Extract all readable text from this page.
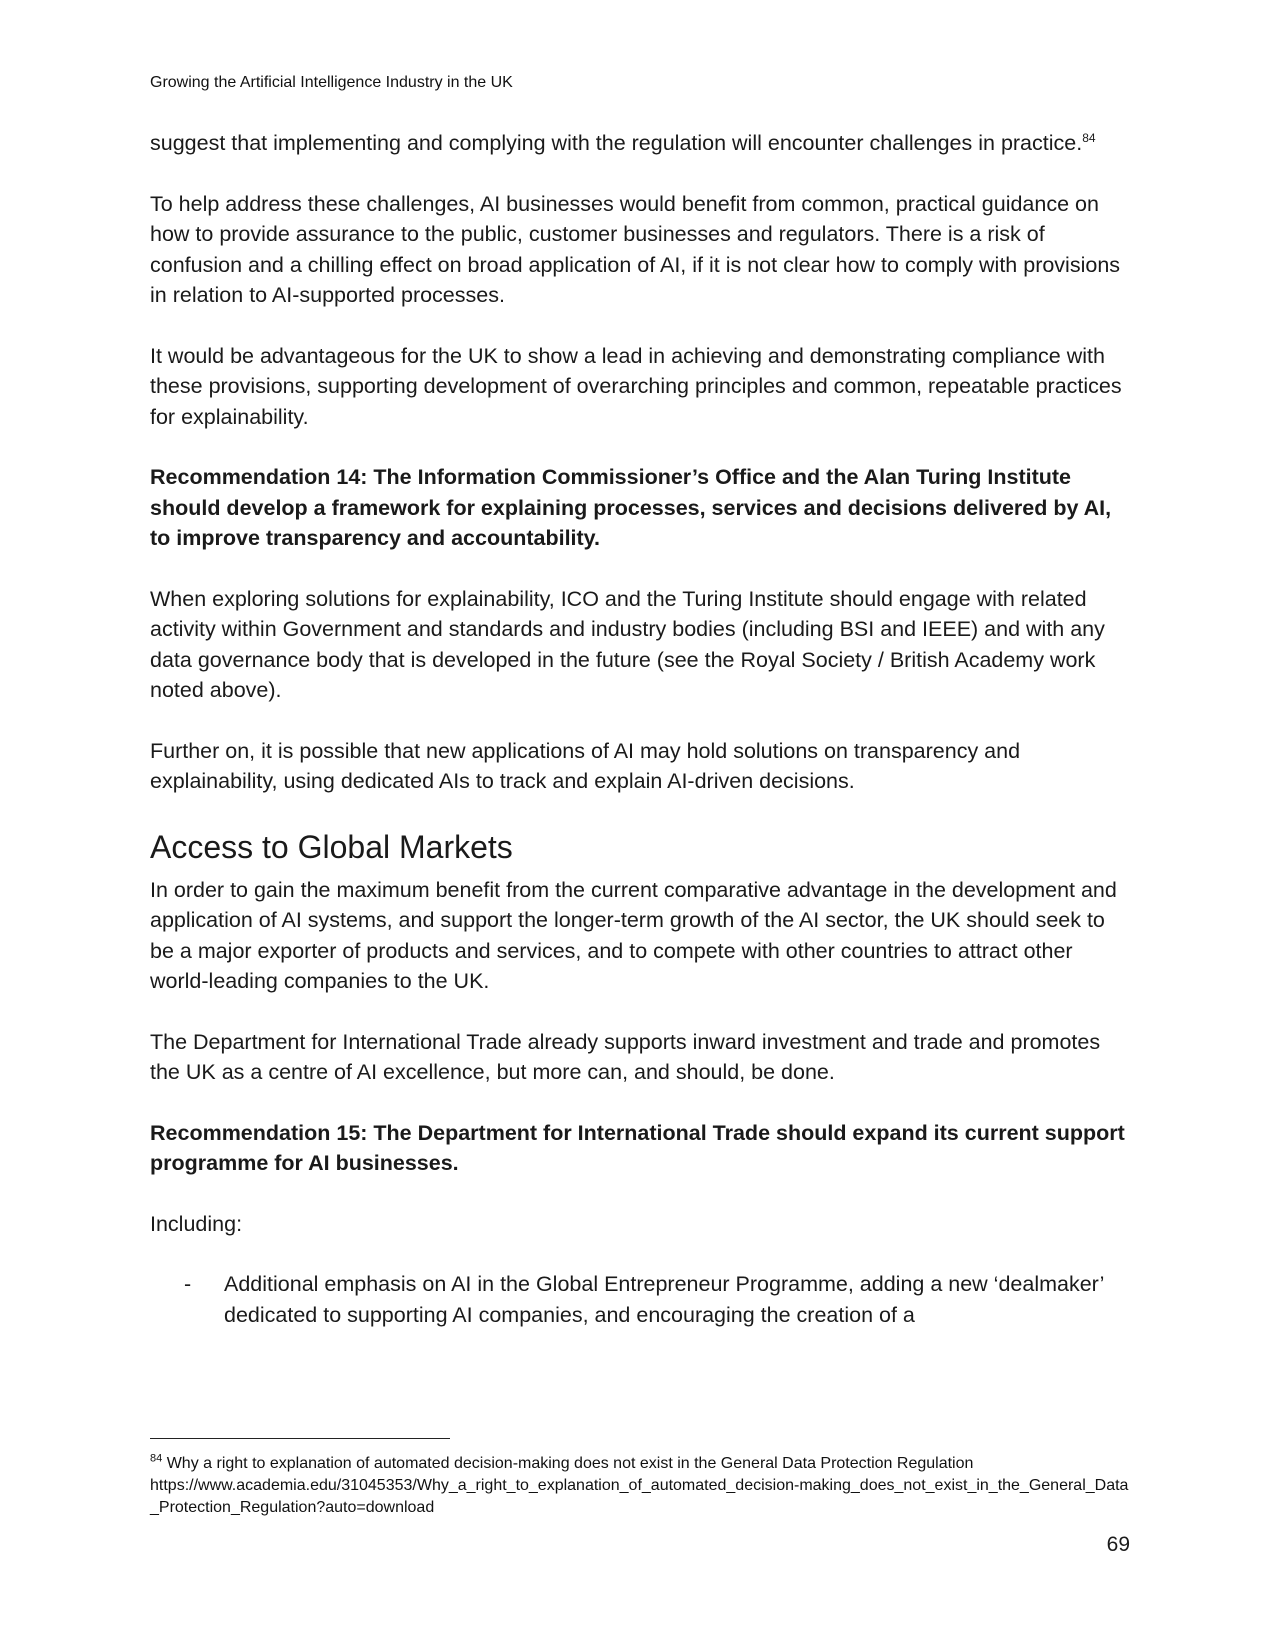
Growing the Artificial Intelligence Industry in the UK

suggest that implementing and complying with the regulation will encounter challenges in practice.$^{84}$

To help address these challenges, AI businesses would benefit from common, practical guidance on how to provide assurance to the public, customer businesses and regulators. There is a risk of confusion and a chilling effect on broad application of AI, if it is not clear how to comply with provisions in relation to AI-supported processes.

It would be advantageous for the UK to show a lead in achieving and demonstrating compliance with these provisions, supporting development of overarching principles and common, repeatable practices for explainability.

Recommendation 14: The Information Commissioner’s Office and the Alan Turing Institute should develop a framework for explaining processes, services and decisions delivered by AI, to improve transparency and accountability.

When exploring solutions for explainability, ICO and the Turing Institute should engage with related activity within Government and standards and industry bodies (including BSI and IEEE) and with any data governance body that is developed in the future (see the Royal Society / British Academy work noted above).

Further on, it is possible that new applications of AI may hold solutions on transparency and explainability, using dedicated AIs to track and explain AI-driven decisions.

Access to Global Markets

In order to gain the maximum benefit from the current comparative advantage in the development and application of AI systems, and support the longer-term growth of the AI sector, the UK should seek to be a major exporter of products and services, and to compete with other countries to attract other world-leading companies to the UK.

The Department for International Trade already supports inward investment and trade and promotes the UK as a centre of AI excellence, but more can, and should, be done.

Recommendation 15: The Department for International Trade should expand its current support programme for AI businesses.

Including:

-	Additional emphasis on AI in the Global Entrepreneur Programme, adding a new ‘dealmaker’ dedicated to supporting AI companies, and encouraging the creation of a
$^{84}$ Why a right to explanation of automated decision-making does not exist in the General Data Protection Regulation
https://www.academia.edu/31045353/Why_a_right_to_explanation_of_automated_decision-making_does_not_exist_in_the_General_Data_Protection_Regulation?auto=download
69
